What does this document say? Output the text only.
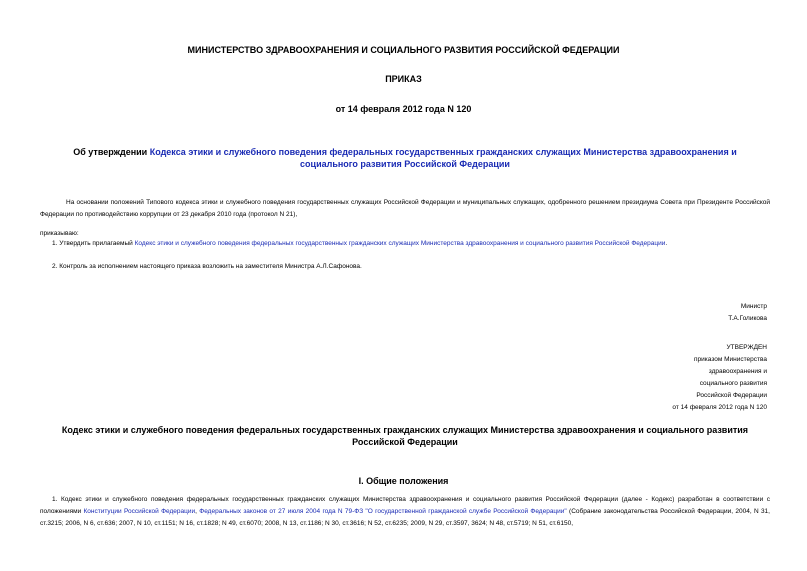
МИНИСТЕРСТВО ЗДРАВООХРАНЕНИЯ И СОЦИАЛЬНОГО РАЗВИТИЯ РОССИЙСКОЙ ФЕДЕРАЦИИ
ПРИКАЗ
от 14 февраля 2012 года N 120
Об утверждении Кодекса этики и служебного поведения федеральных государственных гражданских служащих Министерства здравоохранения и социального развития Российской Федерации
На основании положений Типового кодекса этики и служебного поведения государственных служащих Российской Федерации и муниципальных служащих, одобренного решением президиума Совета при Президенте Российской Федерации по противодействию коррупции от 23 декабря 2010 года (протокол N 21),
приказываю:
1. Утвердить прилагаемый Кодекс этики и служебного поведения федеральных государственных гражданских служащих Министерства здравоохранения и социального развития Российской Федерации.
2. Контроль за исполнением настоящего приказа возложить на заместителя Министра А.Л.Сафонова.
Министр
Т.А.Голикова
УТВЕРЖДЕН
приказом Министерства
здравоохранения и
социального развития
Российской Федерации
от 14 февраля 2012 года N 120
Кодекс этики и служебного поведения федеральных государственных гражданских служащих Министерства здравоохранения и социального развития Российской Федерации
I. Общие положения
1. Кодекс этики и служебного поведения федеральных государственных гражданских служащих Министерства здравоохранения и социального развития Российской Федерации (далее - Кодекс) разработан в соответствии с положениями Конституции Российской Федерации, Федеральных законов от 27 июля 2004 года N 79-ФЗ "О государственной гражданской службе Российской Федерации" (Собрание законодательства Российской Федерации, 2004, N 31, ст.3215; 2006, N 6, ст.636; 2007, N 10, ст.1151; N 16, ст.1828; N 49, ст.6070; 2008, N 13, ст.1186; N 30, ст.3616; N 52, ст.6235; 2009, N 29, ст.3597, 3624; N 48, ст.5719; N 51, ст.6150,
